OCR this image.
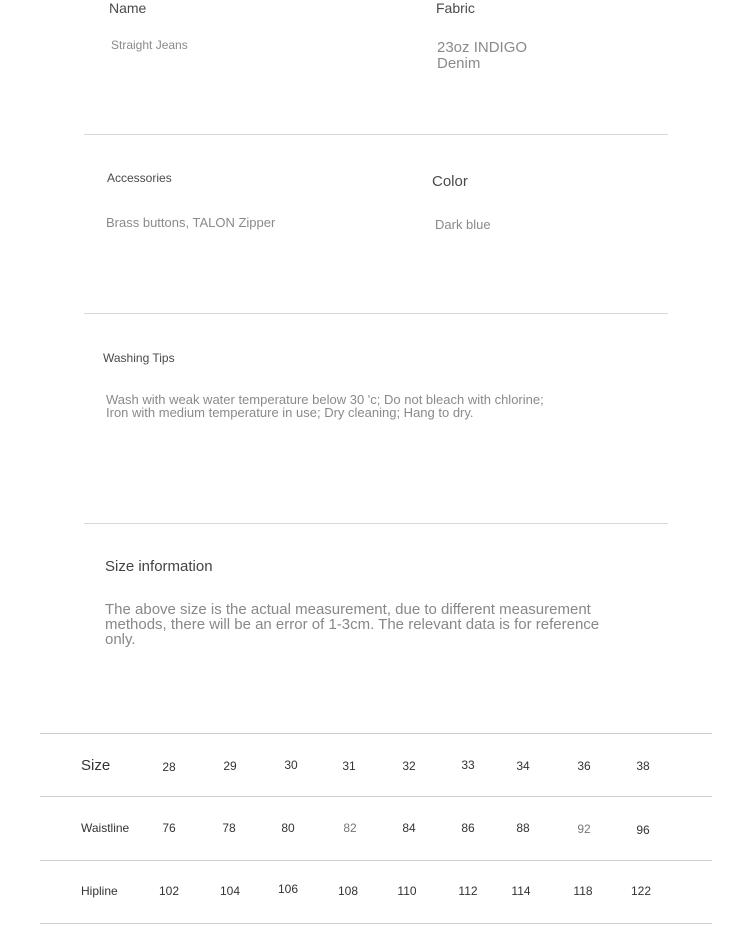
Name
Straight Jeans
Fabric
23oz INDIGO Denim
Accessories
Brass buttons, TALON Zipper
Color
Dark blue
Washing Tips
Wash with weak water temperature below 30 'c; Do not bleach with chlorine; Iron with medium temperature in use; Dry cleaning; Hang to dry.
Size information
The above size is the actual measurement, due to different measurement methods, there will be an error of 1-3cm. The relevant data is for reference only.
Size	28	29	30	31	32	33	34	36	38
Waistline	76	78	80	82	84	86	88	92	96
Hipline	102	104	106	108	110	112	114	118	122
